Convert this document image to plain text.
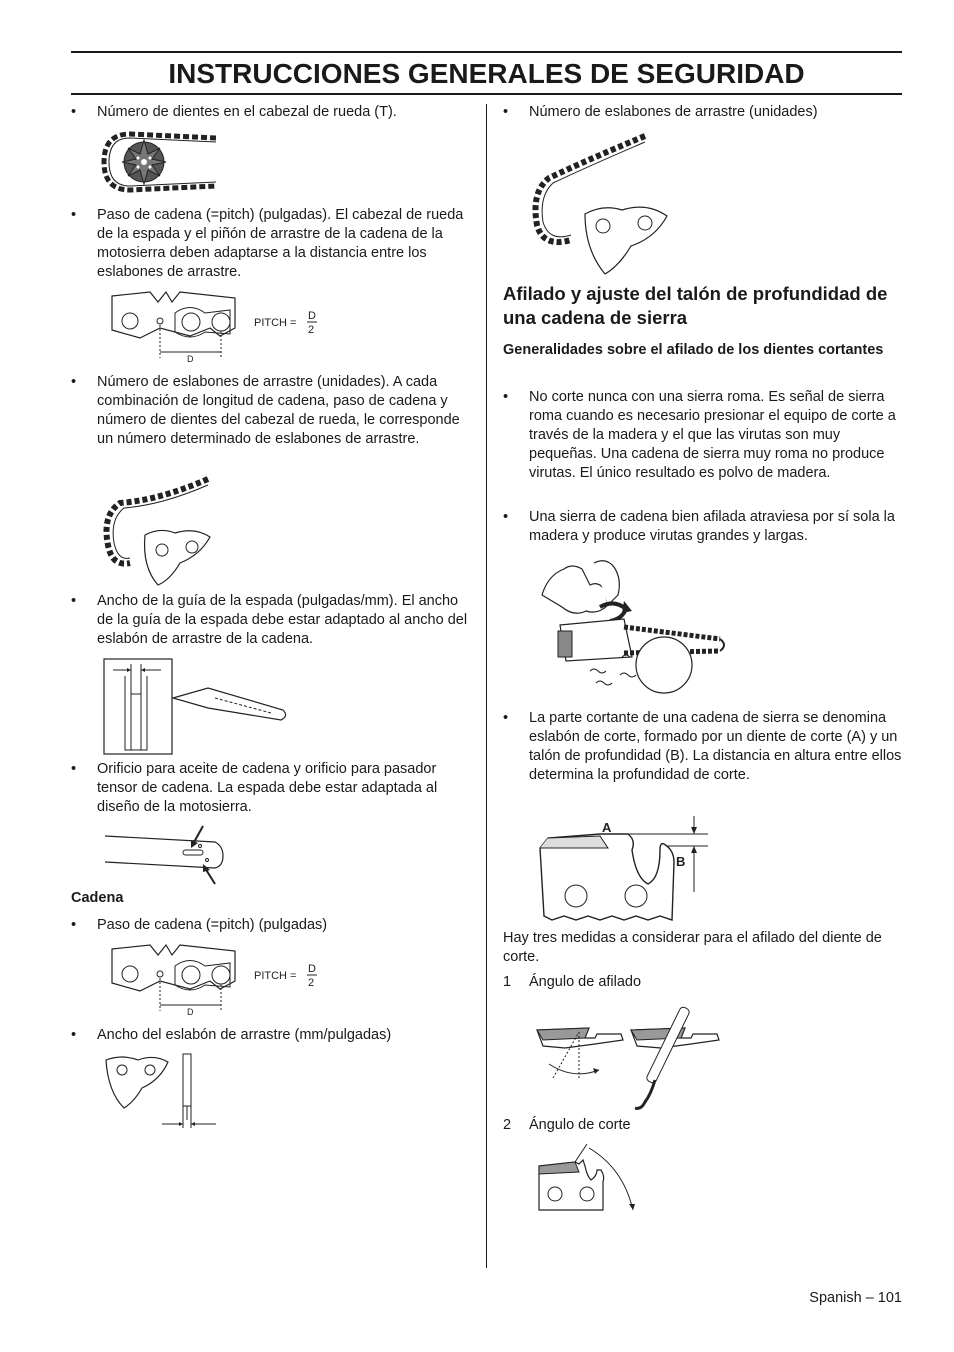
INSTRUCCIONES GENERALES DE SEGURIDAD
• Número de dientes en el cabezal de rueda (T).

• Paso de cadena (=pitch) (pulgadas). El cabezal de rueda de la espada y el piñón de arrastre de la cadena de la motosierra deben adaptarse a la distancia entre los eslabones de arrastre.

D
PITCH =
D
2
• Número de eslabones de arrastre (unidades). A cada combinación de longitud de cadena, paso de cadena y número de dientes del cabezal de rueda, le corresponde un número determinado de eslabones de arrastre.

• Ancho de la guía de la espada (pulgadas/mm). El ancho de la guía de la espada debe estar adaptado al ancho del eslabón de arrastre de la cadena.

• Orificio para aceite de cadena y orificio para pasador tensor de cadena. La espada debe estar adaptada al diseño de la motosierra.

Cadena
• Paso de cadena (=pitch) (pulgadas)

D
PITCH =
D
2
• Ancho del eslabón de arrastre (mm/pulgadas)

• Número de eslabones de arrastre (unidades)

Afilado y ajuste del talón de profundidad de una cadena de sierra
Generalidades sobre el afilado de los dientes cortantes
• No corte nunca con una sierra roma. Es señal de sierra roma cuando es necesario presionar el equipo de corte a través de la madera y el que las virutas son muy pequeñas. Una cadena de sierra muy roma no produce virutas. El único resultado es polvo de madera.

• Una sierra de cadena bien afilada atraviesa por sí sola la madera y produce virutas grandes y largas.

• La parte cortante de una cadena de sierra se denomina eslabón de corte, formado por un diente de corte (A) y un talón de profundidad (B). La distancia en altura entre ellos determina la profundidad de corte.

A
B

Hay tres medidas a considerar para el afilado del diente de corte.

1 Ángulo de afilado

2 Ángulo de corte

Spanish – 101
